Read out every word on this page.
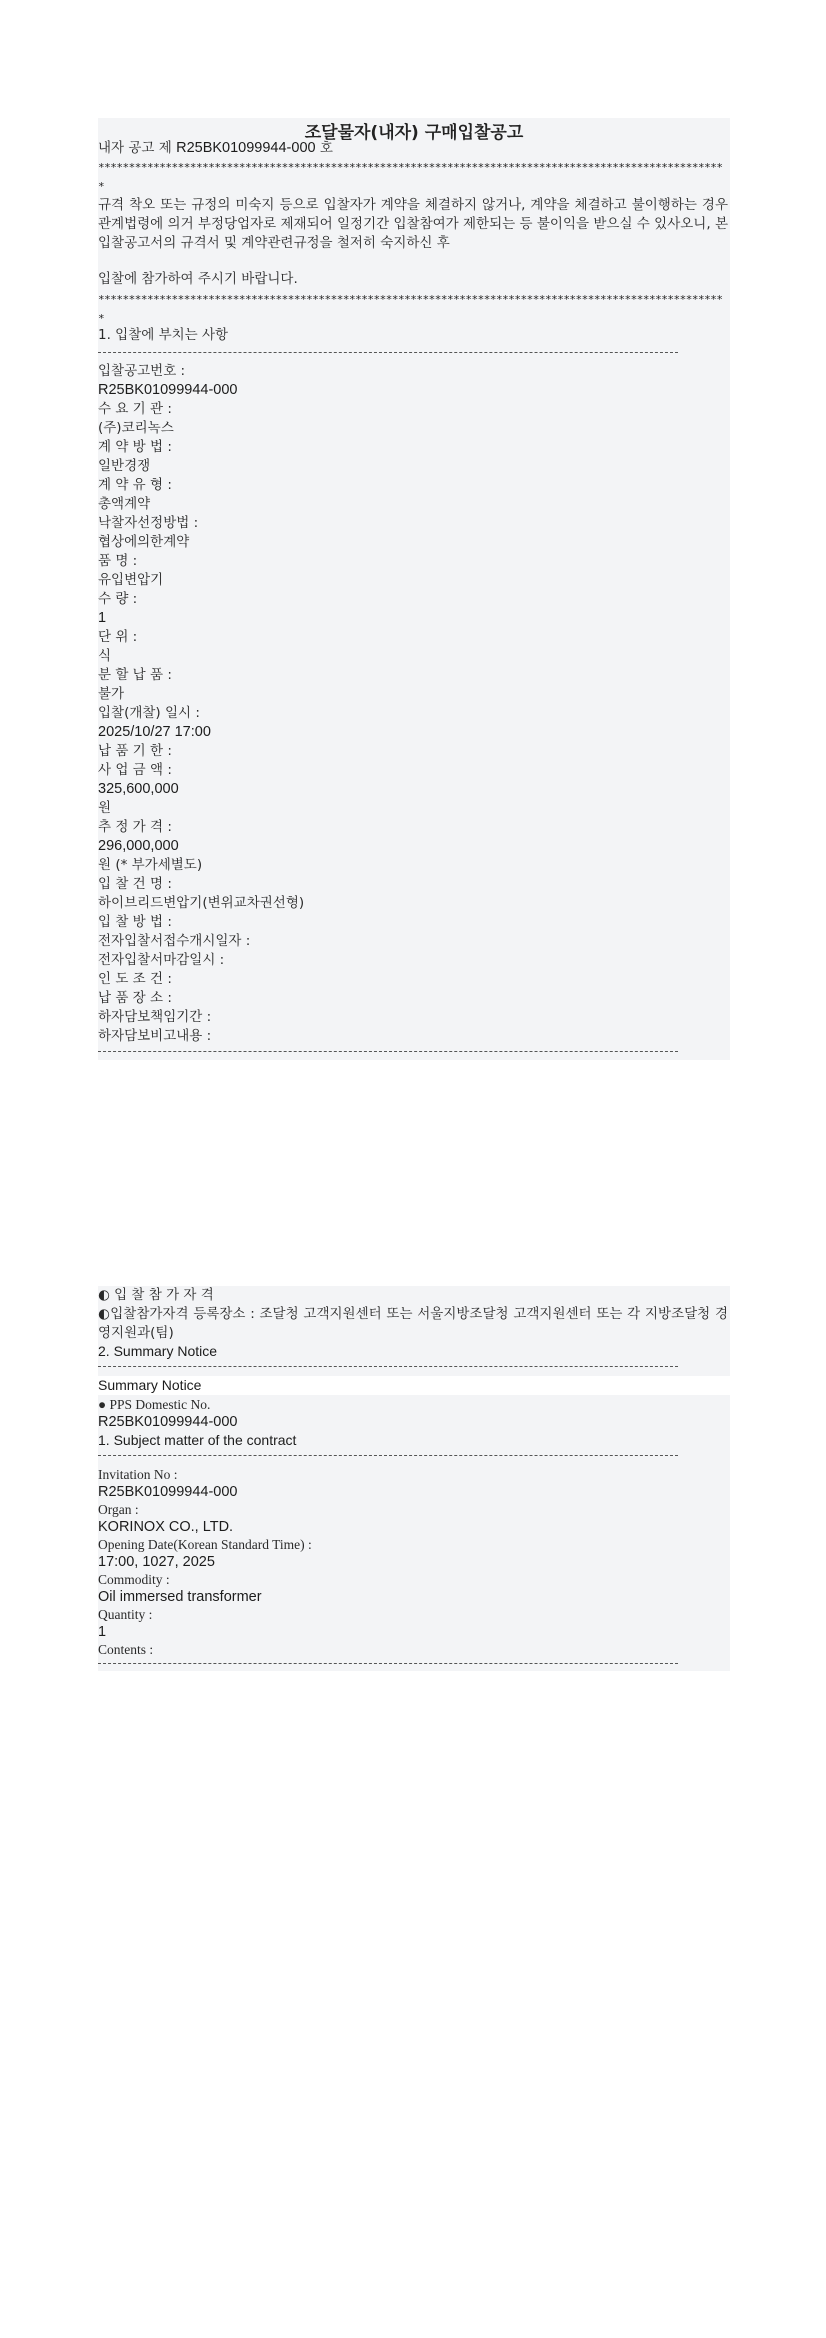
조달물자(내자) 구매입찰공고
내자 공고 제 R25BK01099944-000 호
*******************************************************************************************************
규격 착오 또는 규정의 미숙지 등으로 입찰자가 계약을 체결하지 않거나, 계약을 체결하고 불이행하는 경우 관계법령에 의거 부정당업자로 제재되어 일정기간 입찰참여가 제한되는 등 불이익을 받으실 수 있사오니, 본 입찰공고서의 규격서 및 계약관련규정을 철저히 숙지하신 후
입찰에 참가하여 주시기 바랍니다.
*******************************************************************************************************
1. 입찰에 부치는 사항
입찰공고번호 :
R25BK01099944-000
수 요 기 관 :
(주)코리녹스
계 약 방 법 :
일반경쟁
계 약 유 형 :
총액계약
낙찰자선정방법 :
협상에의한계약
품 명 :
유입변압기
수 량 :
1
단 위 :
식
분 할 납 품 :
불가
입찰(개찰) 일시 :
2025/10/27 17:00
납 품 기 한 :
사 업 금 액 :
325,600,000
원
추 정 가 격 :
296,000,000
원 (* 부가세별도)
입 찰 건 명 :
하이브리드변압기(변위교차권선형)
입 찰 방 법 :
전자입찰서접수개시일자 :
전자입찰서마감일시 :
인 도 조 건 :
납 품 장 소 :
하자담보책임기간 :
하자담보비고내용 :
◐ 입 찰 참 가 자 격
◐입찰참가자격 등록장소 : 조달청 고객지원센터 또는 서울지방조달청 고객지원센터 또는 각 지방조달청 경영지원과(팀)
2. Summary Notice
Summary Notice
● PPS Domestic No.
R25BK01099944-000
1. Subject matter of the contract
Invitation No :
R25BK01099944-000
Organ :
KORINOX CO., LTD.
Opening Date(Korean Standard Time) :
17:00, 1027, 2025
Commodity :
Oil immersed transformer
Quantity :
1
Contents :
